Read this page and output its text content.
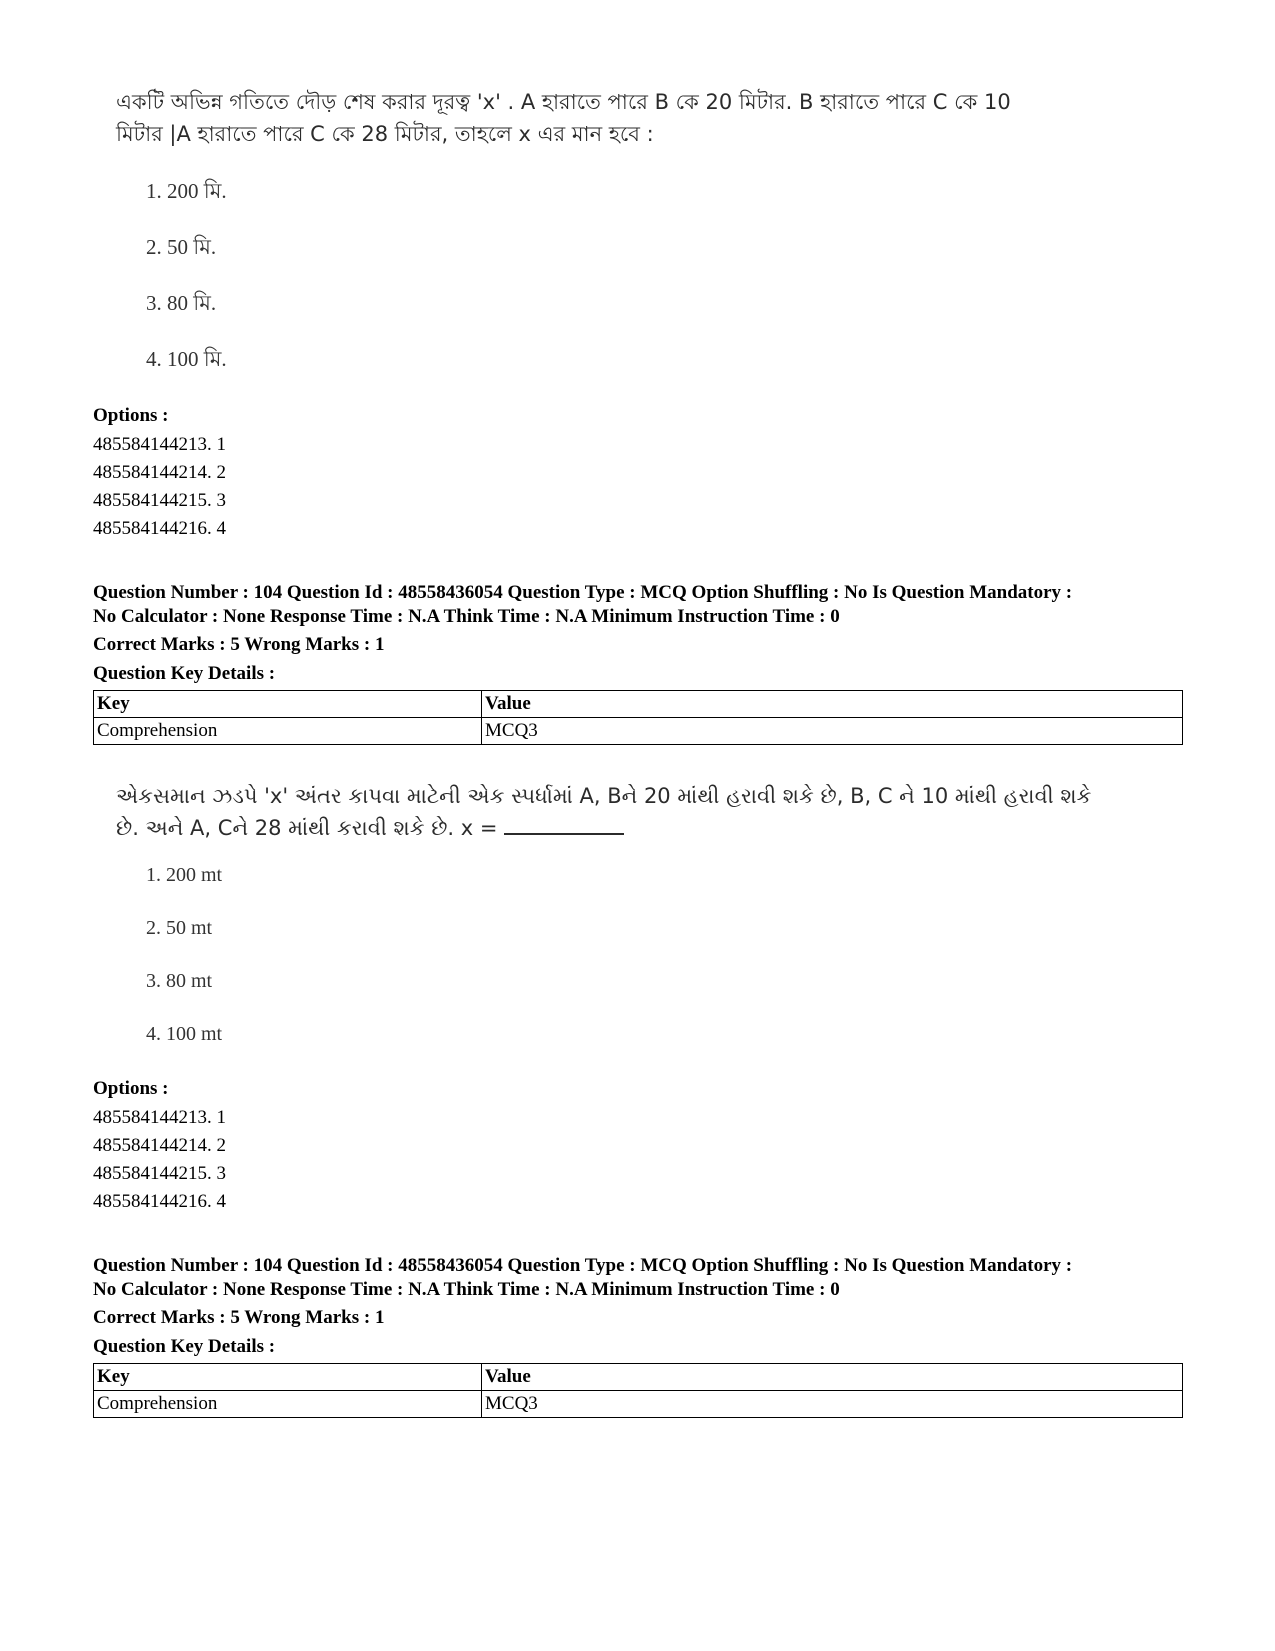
একটি অভিন্ন গতিতে দৌড় শেষ করার দূরত্ব 'x' . A হারাতে পারে B কে 20 মিটার. B হারাতে পারে C কে 10
মিটার |A হারাতে পারে C কে 28 মিটার, তাহলে x এর মান হবে :
1. 200 মি.
2. 50 মি.
3. 80 মি.
4. 100 মি.
Options :
485584144213. 1
485584144214. 2
485584144215. 3
485584144216. 4
Question Number : 104 Question Id : 48558436054 Question Type : MCQ Option Shuffling : No Is Question Mandatory :
No Calculator : None Response Time : N.A Think Time : N.A Minimum Instruction Time : 0
Correct Marks : 5 Wrong Marks : 1
Question Key Details :
Key	Value
Comprehension	MCQ3
એકસમાન ઝડપે 'x' અંતર કાપવા માટેની એક સ્પર્ધામાં A, Bને 20 માંથી હરાવી શકે છે, B, C ને 10 માંથી હરાવી શકે
છે. અને A, Cને 28 માંથી કરાવી શકે છે. x =
1. 200 mt
2. 50 mt
3. 80 mt
4. 100 mt
Options :
485584144213. 1
485584144214. 2
485584144215. 3
485584144216. 4
Question Number : 104 Question Id : 48558436054 Question Type : MCQ Option Shuffling : No Is Question Mandatory :
No Calculator : None Response Time : N.A Think Time : N.A Minimum Instruction Time : 0
Correct Marks : 5 Wrong Marks : 1
Question Key Details :
Key	Value
Comprehension	MCQ3
